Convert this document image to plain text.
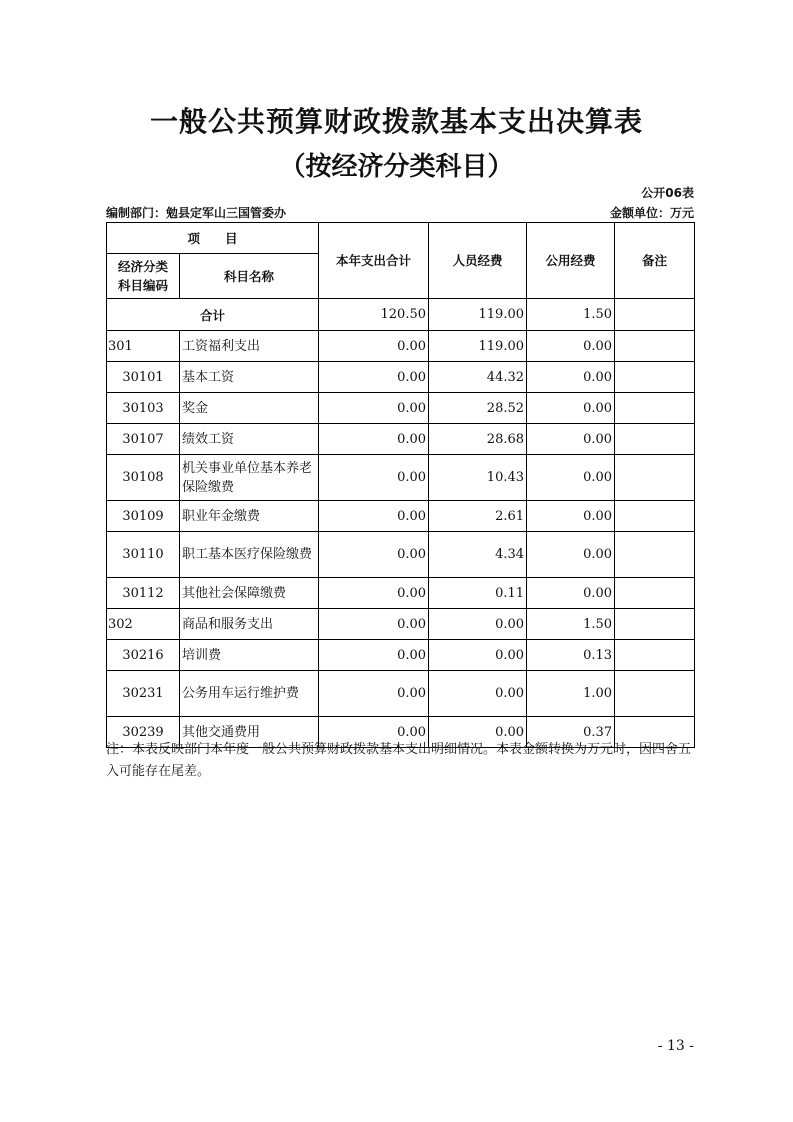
一般公共预算财政拨款基本支出决算表
（按经济分类科目）
公开06表
编制部门：勉县定军山三国管委办	金额单位：万元
项　　目		本年支出合计	人员经费	公用经费	备注
经济分类
科目编码	科目名称				
合计		120.50	119.00	1.50	
301	工资福利支出	0.00	119.00	0.00	
30101	基本工资	0.00	44.32	0.00	
30103	奖金	0.00	28.52	0.00	
30107	绩效工资	0.00	28.68	0.00	
30108	机关事业单位基本养老保险缴费	0.00	10.43	0.00	
30109	职业年金缴费	0.00	2.61	0.00	
30110	职工基本医疗保险缴费	0.00	4.34	0.00	
30112	其他社会保障缴费	0.00	0.11	0.00	
302	商品和服务支出	0.00	0.00	1.50	
30216	培训费	0.00	0.00	0.13	
30231	公务用车运行维护费	0.00	0.00	1.00	
30239	其他交通费用	0.00	0.00	0.37	
注：本表反映部门本年度一般公共预算财政拨款基本支出明细情况。本表金额转换为万元时，因四舍五入可能存在尾差。
- 13 -
